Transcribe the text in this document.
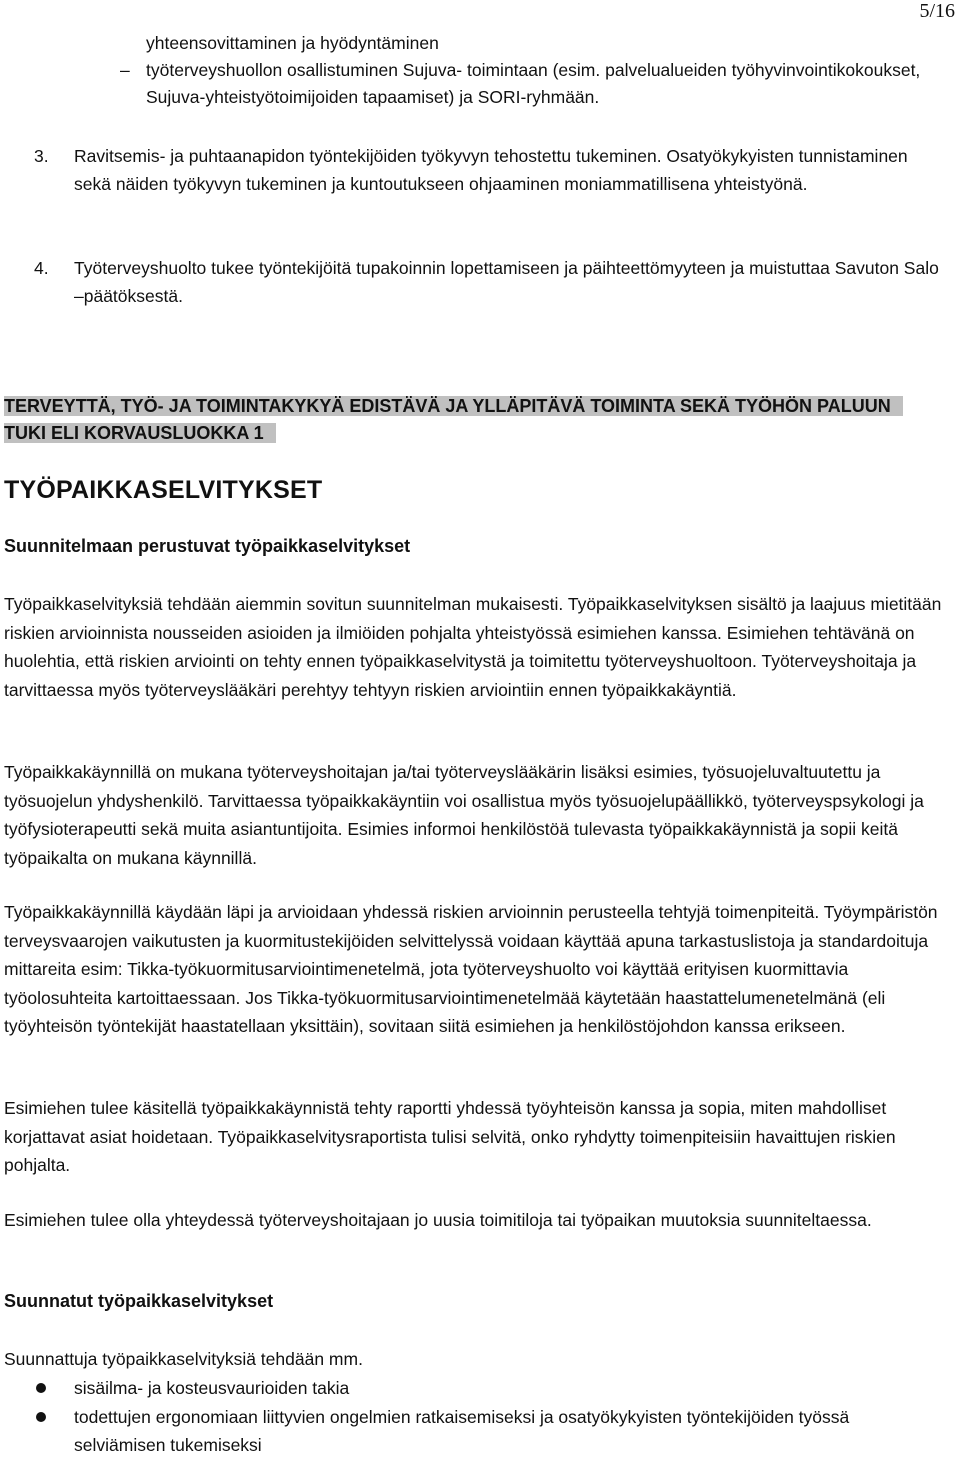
5/16
yhteensovittaminen ja hyödyntäminen
– työterveyshuollon osallistuminen Sujuva- toimintaan (esim. palvelualueiden työhyvinvointikokoukset, Sujuva-yhteistyötoimijoiden tapaamiset) ja SORI-ryhmään.
3. Ravitsemis- ja puhtaanapidon työntekijöiden työkyvyn tehostettu tukeminen. Osatyökykyisten tunnistaminen sekä näiden työkyvyn tukeminen ja kuntoutukseen ohjaaminen moniammatillisena yhteistyönä.
4. Työterveyshuolto tukee työntekijöitä tupakoinnin lopettamiseen ja päihteettömyyteen ja muistuttaa Savuton Salo –päätöksestä.
TERVEYTTÄ, TYÖ- JA TOIMINTAKYKYÄ EDISTÄVÄ JA YLLÄPITÄVÄ TOIMINTA SEKÄ TYÖHÖN PALUUN TUKI ELI KORVAUSLUOKKA 1
TYÖPAIKKASELVITYKSET
Suunnitelmaan perustuvat työpaikkaselvitykset

Työpaikkaselvityksiä tehdään aiemmin sovitun suunnitelman mukaisesti. Työpaikkaselvityksen sisältö ja laajuus mietitään riskien arvioinnista nousseiden asioiden ja ilmiöiden pohjalta yhteistyössä esimiehen kanssa. Esimiehen tehtävänä on huolehtia, että riskien arviointi on tehty ennen työpaikkaselvitystä ja toimitettu työterveyshuoltoon. Työterveyshoitaja ja tarvittaessa myös työterveyslääkäri perehtyy tehtyyn riskien arviointiin ennen työpaikkakäyntiä.

Työpaikkakäynnillä on mukana työterveyshoitajan ja/tai työterveyslääkärin lisäksi esimies, työsuojeluvaltuutettu ja työsuojelun yhdyshenkilö. Tarvittaessa työpaikkakäyntiin voi osallistua myös työsuojelupäällikkö, työterveyspsykologi ja työfysioterapeutti sekä muita asiantuntijoita. Esimies informoi henkilöstöä tulevasta työpaikkakäynnistä ja sopii keitä työpaikalta on mukana käynnillä.

Työpaikkakäynnillä käydään läpi ja arvioidaan yhdessä riskien arvioinnin perusteella tehtyjä toimenpiteitä. Työympäristön terveysvaarojen vaikutusten ja kuormitustekijöiden selvittelyssä voidaan käyttää apuna tarkastuslistoja ja standardoituja mittareita esim: Tikka-työkuormitusarviointimenetelmä, jota työterveyshuolto voi käyttää erityisen kuormittavia työolosuhteita kartoittaessaan. Jos Tikka-työkuormitusarviointimenetelmää käytetään haastattelumenetelmänä (eli työyhteisön työntekijät haastatellaan yksittäin), sovitaan siitä esimiehen ja henkilöstöjohdon kanssa erikseen.

Esimiehen tulee käsitellä työpaikkakäynnistä tehty raportti yhdessä työyhteisön kanssa ja sopia, miten mahdolliset korjattavat asiat hoidetaan. Työpaikkaselvitysraportista tulisi selvitä, onko ryhdytty toimenpiteisiin havaittujen riskien pohjalta.

Esimiehen tulee olla yhteydessä työterveyshoitajaan jo uusia toimitiloja tai työpaikan muutoksia suunniteltaessa.

Suunnatut työpaikkaselvitykset

Suunnattuja työpaikkaselvityksiä tehdään mm.

sisäilma- ja kosteusvaurioiden takia
todettujen ergonomiaan liittyvien ongelmien ratkaisemiseksi ja osatyökykyisten työntekijöiden työssä selviämisen tukemiseksi
